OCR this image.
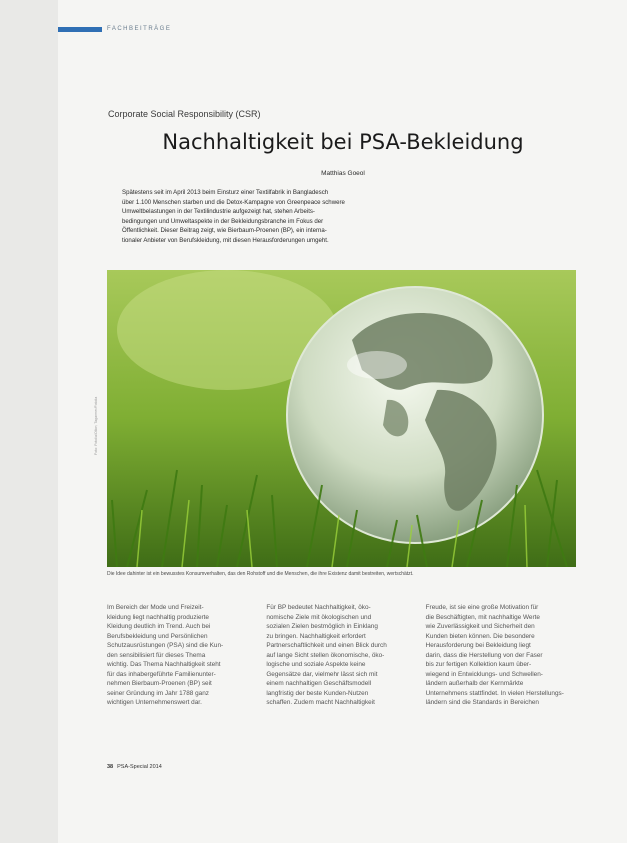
FACHBEITRÄGE
Corporate Social Responsibility (CSR)
Nachhaltigkeit bei PSA-Bekleidung
Matthias Goeol

Spätestens seit im April 2013 beim Einsturz einer Textilfabrik in Bangladesch

über 1.100 Menschen starben und die Detox-Kampagne von Greenpeace schwere

Umweltbelastungen in der Textilindustrie aufgezeigt hat, stehen Arbeits-

bedingungen und Umweltaspekte in der Bekleidungsbranche im Fokus der

Öffentlichkeit. Dieser Beitrag zeigt, wie Bierbaum-Proenen (BP), ein interna-

tionaler Anbieter von Berufskleidung, mit diesen Herausforderungen umgeht.

Foto: Fotolia/Ollon; Tagarmer/Fotolia
Die Idee dahinter ist ein bewusstes Konsumverhalten, das den Rohstoff und die Menschen, die ihre Existenz damit bestreiten, wertschätzt.

Im Bereich der Mode und Freizeit-

kleidung liegt nachhaltig produzierte

Kleidung deutlich im Trend. Auch bei

Berufsbekleidung und Persönlichen

Schutzausrüstungen (PSA) sind die Kun-

den sensibilisiert für dieses Thema

wichtig. Das Thema Nachhaltigkeit steht

für das inhabergeführte Familienunter-

nehmen Bierbaum-Proenen (BP) seit

seiner Gründung im Jahr 1788 ganz

wichtigen Unternehmenswert dar.

Für BP bedeutet Nachhaltigkeit, öko-

nomische Ziele mit ökologischen und

sozialen Zielen bestmöglich in Einklang

zu bringen. Nachhaltigkeit erfordert

Partnerschaftlichkeit und einen Blick durch

auf lange Sicht stellen ökonomische, öko-

logische und soziale Aspekte keine

Gegensätze dar, vielmehr lässt sich mit

einem nachhaltigen Geschäftsmodell

langfristig der beste Kunden-Nutzen

schaffen. Zudem macht Nachhaltigkeit

Freude, ist sie eine große Motivation für

die Beschäftigten, mit nachhaltige Werte

wie Zuverlässigkeit und Sicherheit den

Kunden bieten können. Die besondere

Herausforderung bei Bekleidung liegt

darin, dass die Herstellung von der Faser

bis zur fertigen Kollektion kaum über-

wiegend in Entwicklungs- und Schwellen-

ländern außerhalb der Kernmärkte

Unternehmens stattfindet. In vielen Herstellungs-

ländern sind die Standards in Bereichen

38 PSA-Special 2014
